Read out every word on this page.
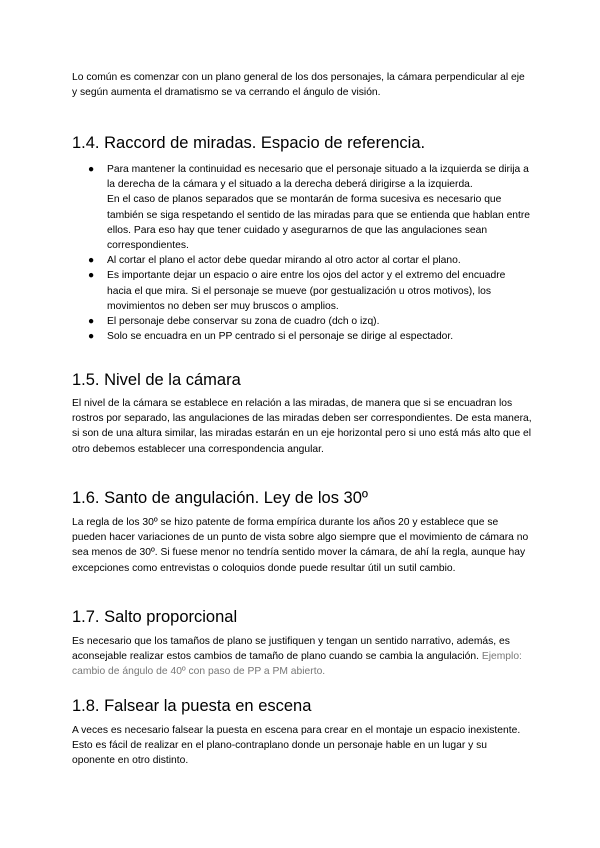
Lo común es comenzar con un plano general de los dos personajes, la cámara perpendicular al eje y según aumenta el dramatismo se va cerrando el ángulo de visión.

1.4. Raccord de miradas. Espacio de referencia.
●	Para mantener la continuidad es necesario que el personaje situado a la izquierda se dirija a la derecha de la cámara y el situado a la derecha deberá dirigirse a la izquierda.
En el caso de planos separados que se montarán de forma sucesiva es necesario que también se siga respetando el sentido de las miradas para que se entienda que hablan entre ellos. Para eso hay que tener cuidado y asegurarnos de que las angulaciones sean correspondientes.
●	Al cortar el plano el actor debe quedar mirando al otro actor al cortar el plano.
●	Es importante dejar un espacio o aire entre los ojos del actor y el extremo del encuadre hacia el que mira. Si el personaje se mueve (por gestualización u otros motivos), los movimientos no deben ser muy bruscos o amplios.
●	El personaje debe conservar su zona de cuadro (dch o izq).
●	Solo se encuadra en un PP centrado si el personaje se dirige al espectador.
1.5. Nivel de la cámara

El nivel de la cámara se establece en relación a las miradas, de manera que si se encuadran los rostros por separado, las angulaciones de las miradas deben ser correspondientes. De esta manera, si son de una altura similar, las miradas estarán en un eje horizontal pero si uno está más alto que el otro debemos establecer una correspondencia angular.

1.6. Santo de angulación. Ley de los 30º

La regla de los 30º se hizo patente de forma empírica durante los años 20 y establece que se pueden hacer variaciones de un punto de vista sobre algo siempre que el movimiento de cámara no sea menos de 30º. Si fuese menor no tendría sentido mover la cámara, de ahí la regla, aunque hay excepciones como entrevistas o coloquios donde puede resultar útil un sutil cambio.

1.7. Salto proporcional

Es necesario que los tamaños de plano se justifiquen y tengan un sentido narrativo, además, es aconsejable realizar estos cambios de tamaño de plano cuando se cambia la angulación. Ejemplo: cambio de ángulo de 40º con paso de PP a PM abierto.

1.8. Falsear la puesta en escena

A veces es necesario falsear la puesta en escena para crear en el montaje un espacio inexistente. Esto es fácil de realizar en el plano-contraplano donde un personaje hable en un lugar y su oponente en otro distinto.
